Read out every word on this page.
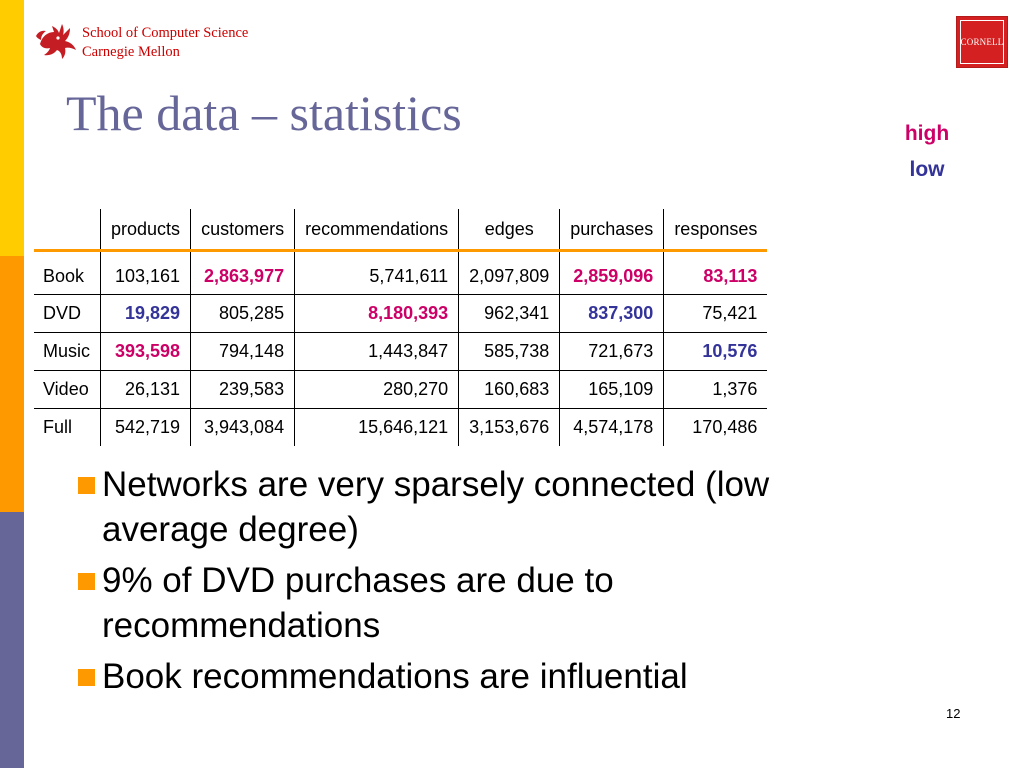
School of Computer Science
Carnegie Mellon
CORNELL
The data – statistics	high
low
	products	customers	recommendations	edges	purchases	responses
Book	103,161	2,863,977	5,741,611	2,097,809	2,859,096	83,113
DVD	19,829	805,285	8,180,393	962,341	837,300	75,421
Music	393,598	794,148	1,443,847	585,738	721,673	10,576
Video	26,131	239,583	280,270	160,683	165,109	1,376
Full	542,719	3,943,084	15,646,121	3,153,676	4,574,178	170,486
Networks are very sparsely connected (low average degree)
9% of DVD purchases are due to recommendations
Book recommendations are influential
12
